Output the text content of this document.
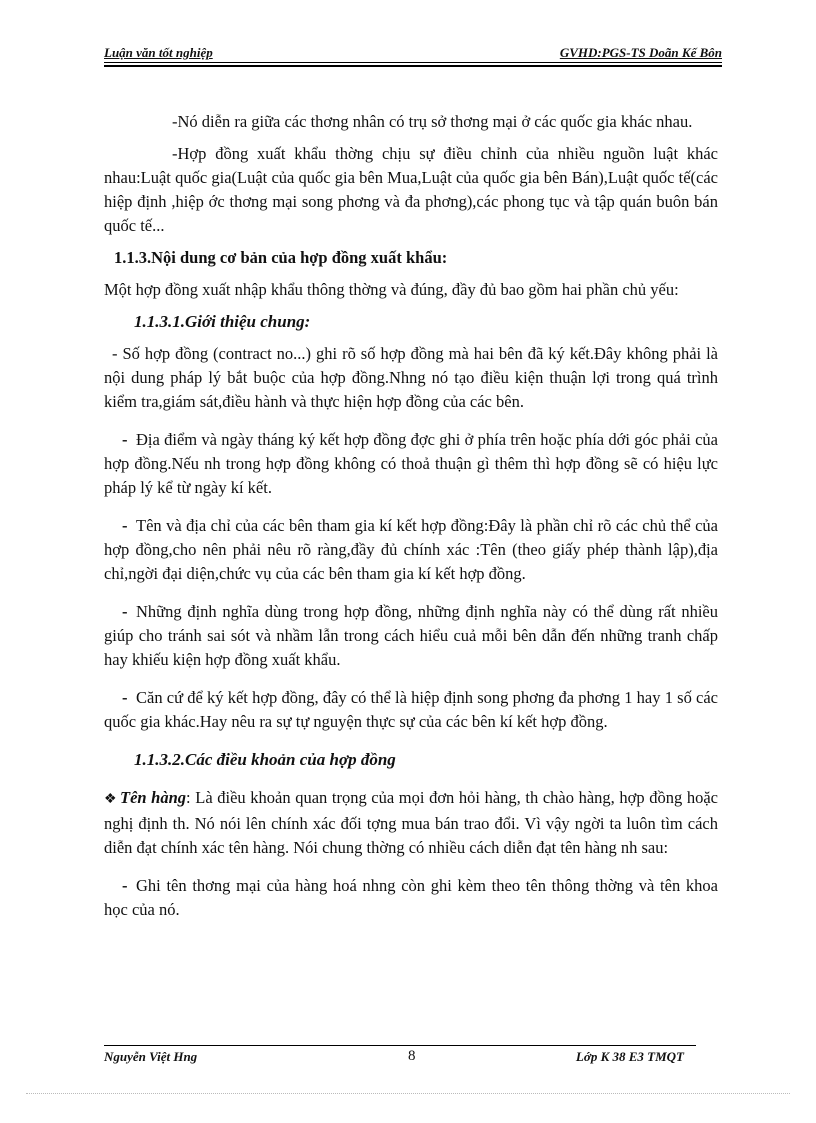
Luận văn tốt nghiệp	GVHD:PGS-TS Doãn Kế Bôn

-Nó diễn ra giữa các thơng nhân có trụ sở thơng mại ở các quốc gia khác nhau.

-Hợp đồng xuất khẩu thờng chịu sự điều chỉnh của nhiều nguồn luật khác nhau:Luật quốc gia(Luật của quốc gia bên Mua,Luật của quốc gia bên Bán),Luật quốc tế(các hiệp định ,hiệp ớc thơng mại song phơng và đa phơng),các phong tục và tập quán buôn bán quốc tế...

1.1.3.Nội dung cơ bản của hợp đồng xuất khẩu:

Một hợp đồng xuất nhập khẩu thông thờng và đúng, đầy đủ bao gồm hai phần chủ yếu:

1.1.3.1.Giới thiệu chung:

- Số hợp đồng (contract no...) ghi rõ số hợp đồng mà hai bên đã ký kết.Đây không phải là nội dung pháp lý bắt buộc của hợp đồng.Nhng nó tạo điều kiện thuận lợi trong quá trình kiểm tra,giám sát,điều hành và thực hiện hợp đồng của các bên.

- Địa điểm và ngày tháng ký kết hợp đồng đợc ghi ở phía trên hoặc phía dới góc phải của hợp đồng.Nếu nh trong hợp đồng không có thoả thuận gì thêm thì hợp đồng sẽ có hiệu lực pháp lý kể từ ngày kí kết.

- Tên và địa chỉ của các bên tham gia kí kết hợp đồng:Đây là phần chỉ rõ các chủ thể của hợp đồng,cho nên phải nêu rõ ràng,đầy đủ chính xác :Tên (theo giấy phép thành lập),địa chỉ,ngời đại diện,chức vụ của các bên tham gia kí kết hợp đồng.

- Những định nghĩa dùng trong hợp đồng, những định nghĩa này có thể dùng rất nhiều giúp cho tránh sai sót và nhầm lẫn trong cách hiểu cuả mỗi bên dẫn đến những tranh chấp hay khiếu kiện hợp đồng xuất khẩu.

- Căn cứ để ký kết hợp đồng, đây có thể là hiệp định song phơng đa phơng 1 hay 1 số các quốc gia khác.Hay nêu ra sự tự nguyện thực sự của các bên kí kết hợp đồng.

1.1.3.2.Các điều khoản của hợp đồng

❖ Tên hàng: Là điều khoản quan trọng của mọi đơn hỏi hàng, th chào hàng, hợp đồng hoặc nghị định th. Nó nói lên chính xác đối tợng mua bán trao đổi. Vì vậy ngời ta luôn tìm cách diễn đạt chính xác tên hàng. Nói chung thờng có nhiều cách diễn đạt tên hàng nh sau:

- Ghi tên thơng mại của hàng hoá nhng còn ghi kèm theo tên thông thờng và tên khoa học của nó.

Nguyễn Việt Hng	8	Lớp K 38 E3 TMQT
